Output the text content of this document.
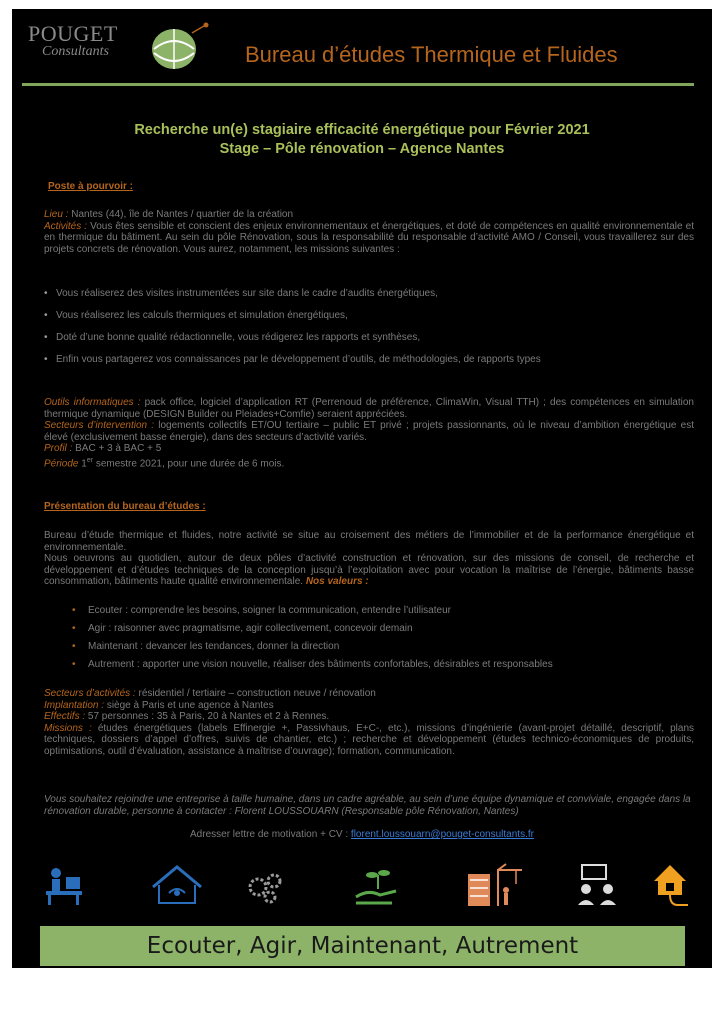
POUGET
Consultants	Bureau d’études Thermique et Fluides
Recherche un(e) stagiaire efficacité énergétique pour Février 2021
Stage – Pôle rénovation – Agence Nantes
Poste à pourvoir :
Lieu : Nantes (44), île de Nantes / quartier de la création
Activités : Vous êtes sensible et conscient des enjeux environnementaux et énergétiques, et doté de compétences en qualité environnementale et en thermique du bâtiment. Au sein du pôle Rénovation, sous la responsabilité du responsable d’activité AMO / Conseil, vous travaillerez sur des projets concrets de rénovation. Vous aurez, notamment, les missions suivantes :
• Vous réaliserez des visites instrumentées sur site dans le cadre d’audits énergétiques,
• Vous réaliserez les calculs thermiques et simulation énergétiques,
• Doté d’une bonne qualité rédactionnelle, vous rédigerez les rapports et synthèses,
• Enfin vous partagerez vos connaissances par le développement d’outils, de méthodologies, de rapports types
Outils informatiques : pack office, logiciel d’application RT (Perrenoud de préférence, ClimaWin, Visual TTH) ; des compétences en simulation thermique dynamique (DESIGN Builder ou Pleiades+Comfie) seraient appréciées.
Secteurs d’intervention : logements collectifs ET/OU tertiaire – public ET privé ; projets passionnants, où le niveau d’ambition énergétique est élevé (exclusivement basse énergie), dans des secteurs d’activité variés.
Profil : BAC + 3 à BAC + 5
Période 1er semestre 2021, pour une durée de 6 mois.
Présentation du bureau d’études :
Bureau d’étude thermique et fluides, notre activité se situe au croisement des métiers de l’immobilier et de la performance énergétique et environnementale.
Nous oeuvrons au quotidien, autour de deux pôles d’activité construction et rénovation, sur des missions de conseil, de recherche et développement et d’études techniques de la conception jusqu’à l’exploitation avec pour vocation la maîtrise de l’énergie, bâtiments basse consommation, bâtiments haute qualité environnementale. Nos valeurs :
• Ecouter : comprendre les besoins, soigner la communication, entendre l’utilisateur
• Agir : raisonner avec pragmatisme, agir collectivement, concevoir demain
• Maintenant : devancer les tendances, donner la direction
• Autrement : apporter une vision nouvelle, réaliser des bâtiments confortables, désirables et responsables
Secteurs d’activités : résidentiel / tertiaire – construction neuve / rénovation
Implantation : siège à Paris et une agence à Nantes
Effectifs : 57 personnes : 35 à Paris, 20 à Nantes et 2 à Rennes.
Missions : études énergétiques (labels Effinergie +, Passivhaus, E+C-, etc.), missions d’ingénierie (avant-projet détaillé, descriptif, plans techniques, dossiers d’appel d’offres, suivis de chantier, etc.) ; recherche et développement (études technico-économiques de produits, optimisations, outil d’évaluation, assistance à maîtrise d’ouvrage); formation, communication.
Vous souhaitez rejoindre une entreprise à taille humaine, dans un cadre agréable, au sein d’une équipe dynamique et conviviale, engagée dans la rénovation durable, personne à contacter : Florent LOUSSOUARN (Responsable pôle Rénovation, Nantes)
Adresser lettre de motivation + CV : florent.loussouarn@pouget-consultants.fr
Ecouter, Agir, Maintenant, Autrement
